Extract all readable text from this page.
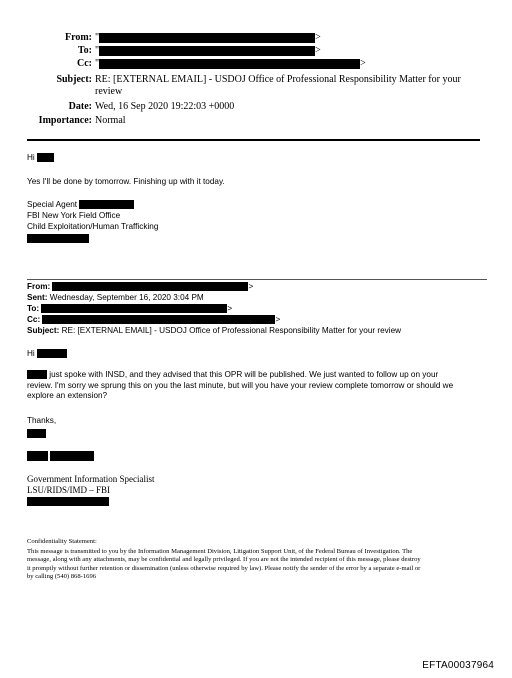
From: "	>
To: "	>
Cc: "	>
Subject: RE: [EXTERNAL EMAIL] - USDOJ Office of Professional Responsibility Matter for your
review
Date: Wed, 16 Sep 2020 19:22:03 +0000
Importance: Normal
Hi
Yes I'll be done by tomorrow. Finishing up with it today.
Special Agent
FBI New York Field Office
Child Exploitation/Human Trafficking
From:	>
Sent: Wednesday, September 16, 2020 3:04 PM
To:	>
Cc:	>
Subject: RE: [EXTERNAL EMAIL] - USDOJ Office of Professional Responsibility Matter for your review
Hi
just spoke with INSD, and they advised that this OPR will be published. We just wanted to follow up on your
review. I'm sorry we sprung this on you the last minute, but will you have your review complete tomorrow or should we
explore an extension?
Thanks,

Government Information Specialist
LSU/RIDS/IMD – FBI
Confidentiality Statement:
This message is transmitted to you by the Information Management Division, Litigation Support Unit, of the Federal Bureau of Investigation. The
message, along with any attachments, may be confidential and legally privileged. If you are not the intended recipient of this message, please destroy
it promptly without further retention or dissemination (unless otherwise required by law). Please notify the sender of the error by a separate e-mail or
by calling (540) 868-1696
EFTA00037964
